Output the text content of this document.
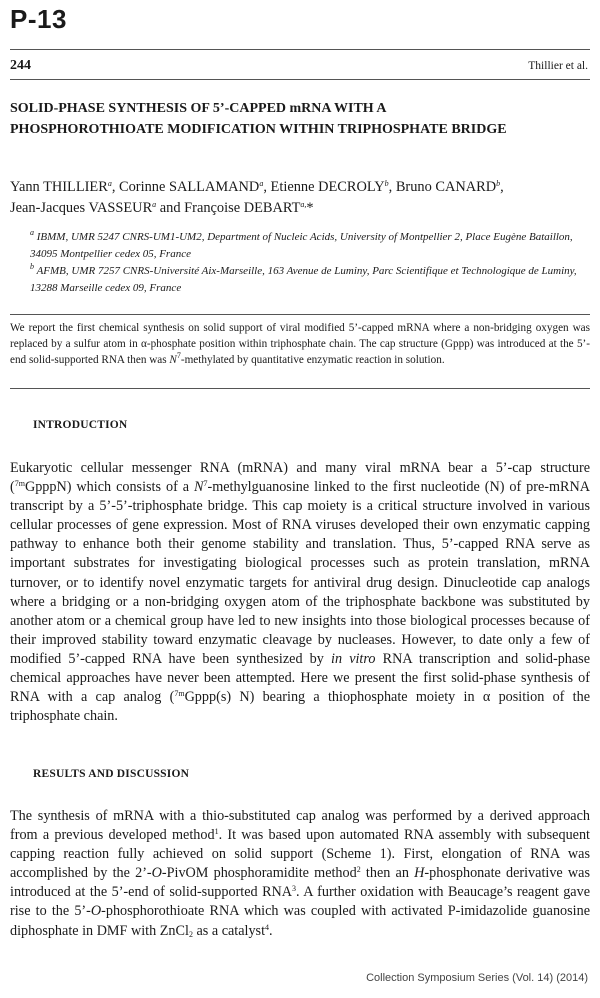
P-13
244	Thillier et al.
SOLID-PHASE SYNTHESIS OF 5’-CAPPED mRNA WITH A
PHOSPHOROTHIOATE MODIFICATION WITHIN TRIPHOSPHATE BRIDGE
Yann THILLIER$^a$, Corinne SALLAMAND$^a$, Etienne DECROLY$^b$, Bruno CANARD$^b$,
Jean-Jacques VASSEUR$^a$ and Françoise $DEBART^{a,}*$
$^a$ IBMM, UMR 5247 CNRS-UM1-UM2, Department of Nucleic Acids, University of Montpellier 2, Place Eugène Bataillon, 34095 Montpellier cedex 05, France
$^b$ AFMB, UMR 7257 CNRS-Université Aix-Marseille, 163 Avenue de Luminy, Parc Scientifique et Technologique de Luminy, 13288 Marseille cedex 09, France
We report the first chemical synthesis on solid support of viral modified 5’-capped mRNA where a non-bridging oxygen was replaced by a sulfur atom in α-phosphate position within triphosphate chain. The cap structure (Gppp) was introduced at the 5’-end solid-supported RNA then was $N^7$-methylated by quantitative enzymatic reaction in solution.
INTRODUCTION
Eukaryotic cellular messenger RNA (mRNA) and many viral mRNA bear a 5’-cap structure ($^{7m}$GpppN) which consists of a $N^7$-methylguanosine linked to the first nucleotide (N) of pre-mRNA transcript by a 5’-5’-triphosphate bridge. This cap moiety is a critical structure involved in various cellular processes of gene expression. Most of RNA viruses developed their own enzymatic capping pathway to enhance both their genome stability and translation. Thus, 5’-capped RNA serve as important substrates for investigating biological processes such as protein translation, mRNA turnover, or to identify novel enzymatic targets for antiviral drug design. Dinucleotide cap analogs where a bridging or a non-bridging oxygen atom of the triphosphate backbone was substituted by another atom or a chemical group have led to new insights into those biological processes because of their improved stability toward enzymatic cleavage by nucleases. However, to date only a few of modified 5’-capped RNA have been synthesized by in vitro RNA transcription and solid-phase chemical approaches have never been attempted. Here we present the first solid-phase synthesis of RNA with a cap analog ($^{7m}$Gppp(s) N) bearing a thiophosphate moiety in α position of the triphosphate chain.
RESULTS AND DISCUSSION
The synthesis of mRNA with a thio-substituted cap analog was performed by a derived approach from a previous developed method$^1$. It was based upon automated RNA assembly with subsequent capping reaction fully achieved on solid support (Scheme 1). First, elongation of RNA was accomplished by the 2’-O-PivOM phosphoramidite method$^2$ then an H-phosphonate derivative was introduced at the 5’-end of solid-supported RNA$^3$. A further oxidation with Beaucage’s reagent gave rise to the 5’-O-phosphorothioate RNA which was coupled with activated P-imidazolide guanosine diphosphate in DMF with ZnCl$_2$ as a catalyst$^4$.
Collection Symposium Series (Vol. 14) (2014)
